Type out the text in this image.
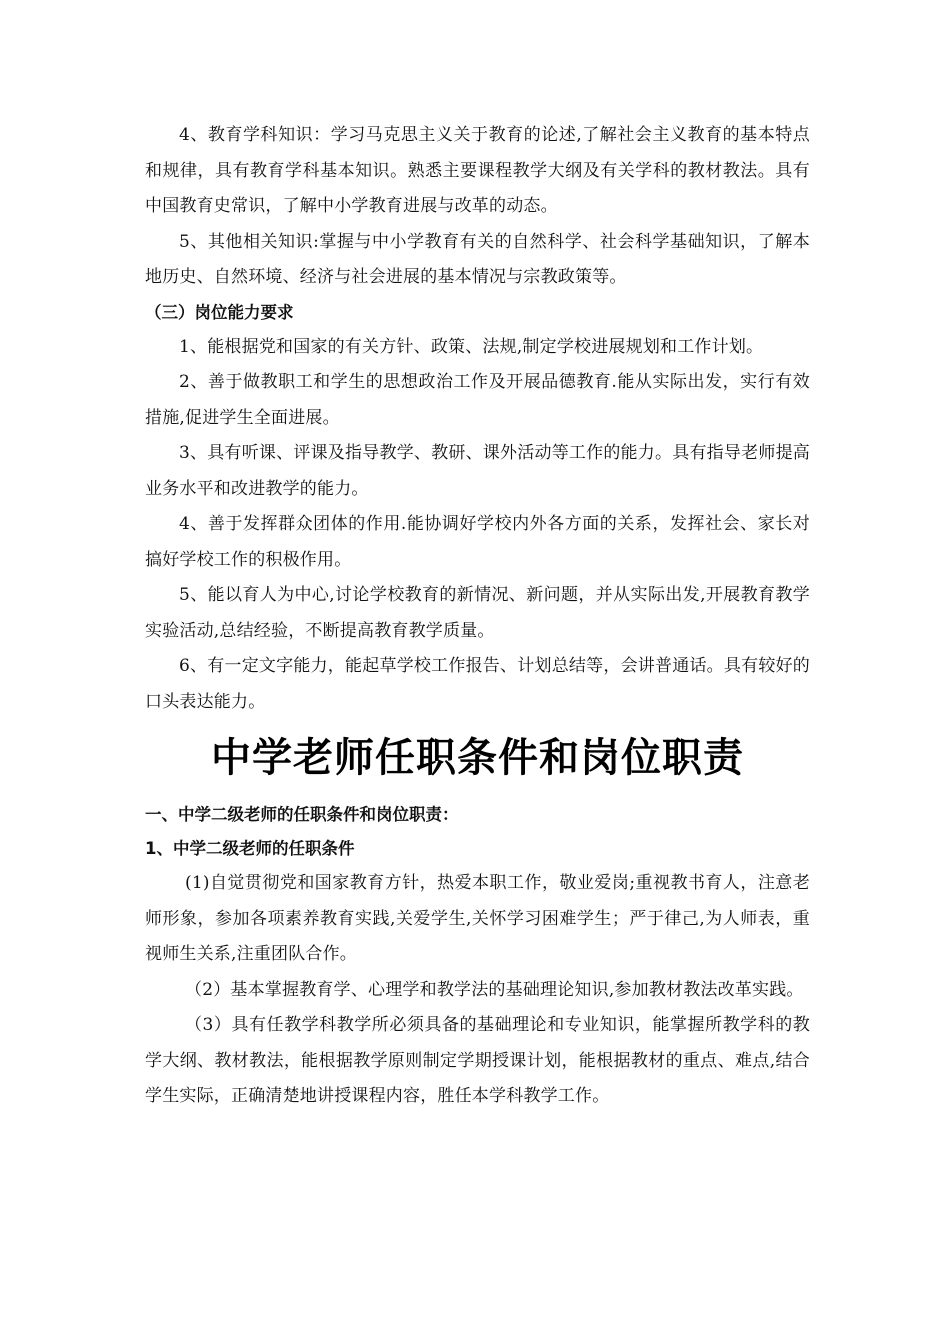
4、教育学科知识：学习马克思主义关于教育的论述,了解社会主义教育的基本特点和规律，具有教育学科基本知识。熟悉主要课程教学大纲及有关学科的教材教法。具有中国教育史常识，了解中小学教育进展与改革的动态。

5、其他相关知识:掌握与中小学教育有关的自然科学、社会科学基础知识，了解本地历史、自然环境、经济与社会进展的基本情况与宗教政策等。

（三）岗位能力要求

1、能根据党和国家的有关方针、政策、法规,制定学校进展规划和工作计划。

2、善于做教职工和学生的思想政治工作及开展品德教育.能从实际出发，实行有效措施,促进学生全面进展。

3、具有听课、评课及指导教学、教研、课外活动等工作的能力。具有指导老师提高业务水平和改进教学的能力。

4、善于发挥群众团体的作用.能协调好学校内外各方面的关系，发挥社会、家长对搞好学校工作的积极作用。

5、能以育人为中心,讨论学校教育的新情况、新问题，并从实际出发,开展教育教学实验活动,总结经验，不断提高教育教学质量。

6、有一定文字能力，能起草学校工作报告、计划总结等，会讲普通话。具有较好的口头表达能力。

中学老师任职条件和岗位职责
一、中学二级老师的任职条件和岗位职责：
1、中学二级老师的任职条件

(1)自觉贯彻党和国家教育方针，热爱本职工作，敬业爱岗;重视教书育人，注意老师形象，参加各项素养教育实践,关爱学生,关怀学习困难学生；严于律己,为人师表，重视师生关系,注重团队合作。

（2）基本掌握教育学、心理学和教学法的基础理论知识,参加教材教法改革实践。

（3）具有任教学科教学所必须具备的基础理论和专业知识，能掌握所教学科的教学大纲、教材教法，能根据教学原则制定学期授课计划，能根据教材的重点、难点,结合学生实际，正确清楚地讲授课程内容，胜任本学科教学工作。
